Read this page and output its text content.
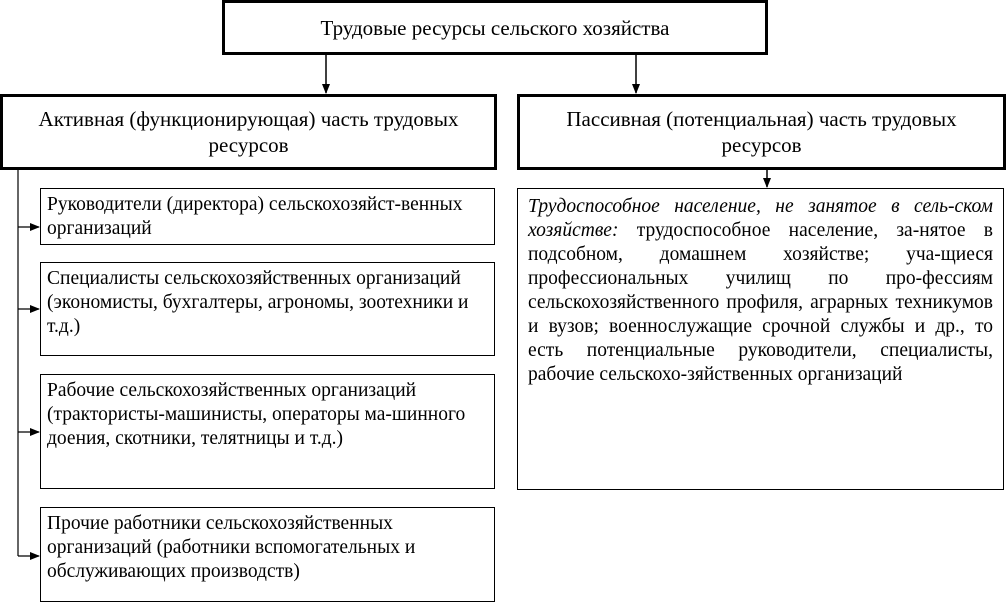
Трудовые ресурсы сельского хозяйства
Активная (функционирующая) часть трудовых ресурсов
Пассивная (потенциальная) часть трудовых ресурсов
Руководители (директора) сельскохозяйст-венных организаций
Специалисты сельскохозяйственных организаций (экономисты, бухгалтеры, агрономы, зоотехники и т.д.)
Рабочие сельскохозяйственных организаций (трактористы-машинисты, операторы ма-шинного доения, скотники, телятницы и т.д.)
Прочие работники сельскохозяйственных организаций (работники вспомогательных и обслуживающих производств)
Трудоспособное население, не занятое в сель-ском хозяйстве: трудоспособное население, за-нятое в подсобном, домашнем хозяйстве; уча-щиеся профессиональных училищ по про-фессиям сельскохозяйственного профиля, аграрных техникумов и вузов; военнослужащие срочной службы и др., то есть потенциальные руководители, специалисты, рабочие сельскохо-зяйственных организаций
